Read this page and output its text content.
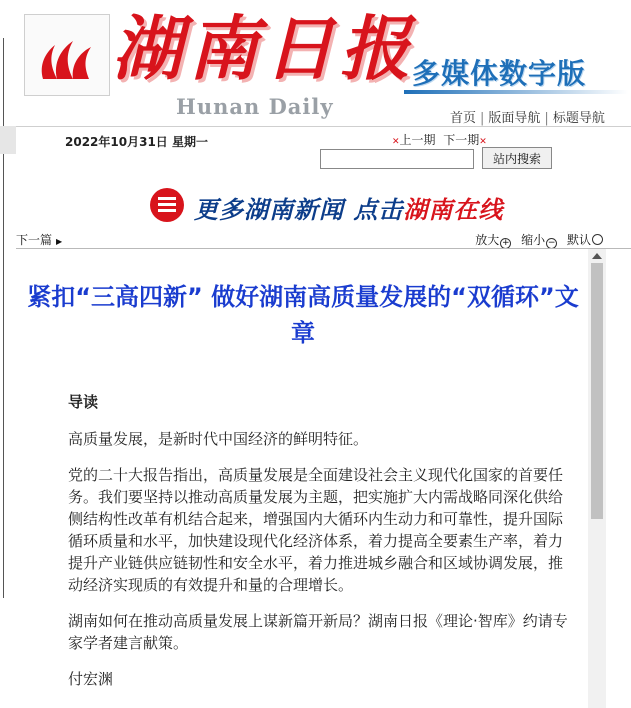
湖南日报
Hunan Daily
多媒体数字版
首页 | 版面导航 | 标题导航
2022年10月31日 星期一	✕上一期 下一期✕
站内搜索
更多湖南新闻 点击湖南在线
下一篇 ▶	放大 + 缩小 − 默认
紧扣“三高四新” 做好湖南高质量发展的“双循环”文章

导读

高质量发展，是新时代中国经济的鲜明特征。

党的二十大报告指出，高质量发展是全面建设社会主义现代化国家的首要任务。我们要坚持以推动高质量发展为主题，把实施扩大内需战略同深化供给侧结构性改革有机结合起来，增强国内大循环内生动力和可靠性，提升国际循环质量和水平，加快建设现代化经济体系，着力提高全要素生产率，着力提升产业链供应链韧性和安全水平，着力推进城乡融合和区域协调发展，推动经济实现质的有效提升和量的合理增长。

湖南如何在推动高质量发展上谋新篇开新局？湖南日报《理论·智库》约请专家学者建言献策。

付宏渊
